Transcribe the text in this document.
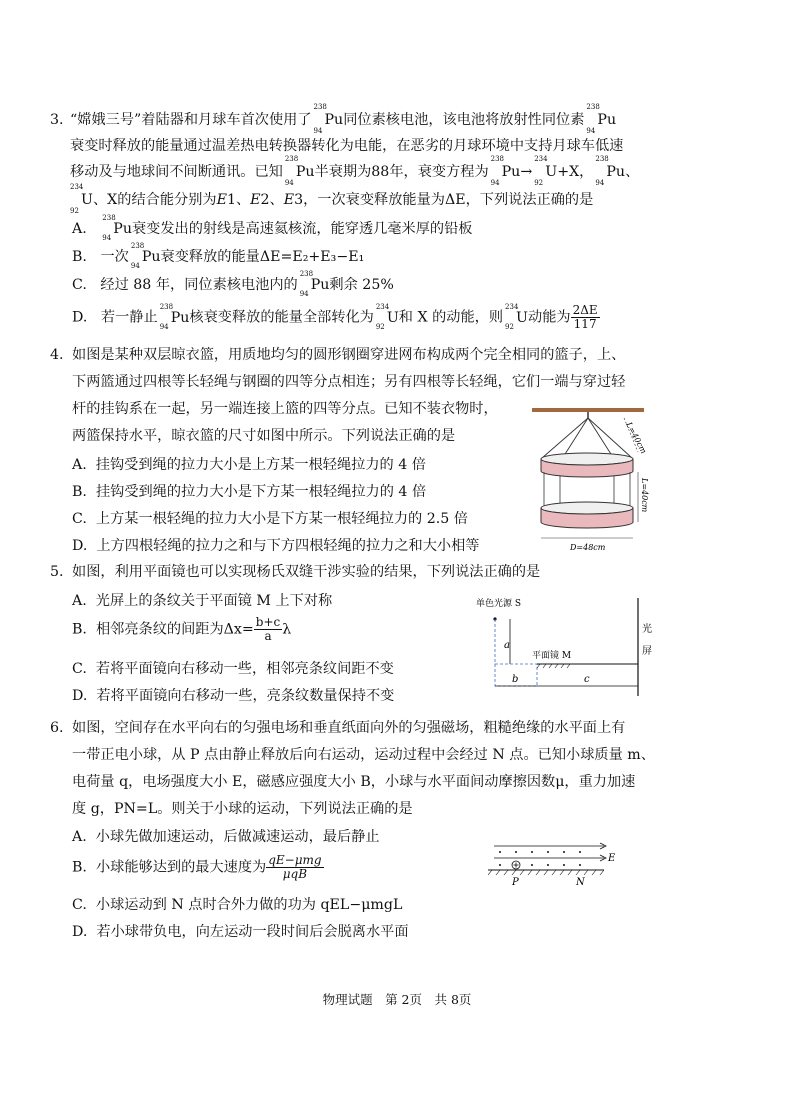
3. “嫦娥三号”着陆器和月球车首次使用了
238
94
Pu同位素核电池，该电池将放射性同位素
238
94
Pu
衰变时释放的能量通过温差热电转换器转化为电能，在恶劣的月球环境中支持月球车低速
移动及与地球间不间断通讯。已知
238
94
Pu半衰期为88年，衰变方程为
238
94
Pu→
234
92
U+X，
238
94
Pu、
234
92
U、X的结合能分别为E1、E2、E3，一次衰变释放能量为ΔE，下列说法正确的是
A.
238
94
Pu衰变发出的射线是高速氦核流，能穿透几毫米厚的铅板
B. 一次
238
94
Pu衰变释放的能量ΔE=E₂+E₃−E₁
C. 经过 88 年，同位素核电池内的
238
94
Pu剩余 25%
D. 若一静止
238
94
Pu核衰变释放的能量全部转化为
234
92
U和 X 的动能，则
234
92
U动能为 $\frac{2\Delta E}{117}$
4. 如图是某种双层晾衣篮，用质地均匀的圆形钢圈穿进网布构成两个完全相同的篮子，上、
下两篮通过四根等长轻绳与钢圈的四等分点相连；另有四根等长轻绳，它们一端与穿过轻
杆的挂钩系在一起，另一端连接上篮的四等分点。已知不装衣物时，
两篮保持水平，晾衣篮的尺寸如图中所示。下列说法正确的是
A. 挂钩受到绳的拉力大小是上方某一根轻绳拉力的 4 倍
B. 挂钩受到绳的拉力大小是下方某一根轻绳拉力的 4 倍
C. 上方某一根轻绳的拉力大小是下方某一根轻绳拉力的 2.5 倍
D. 上方四根轻绳的拉力之和与下方四根轻绳的拉力之和大小相等
L=40cm
L=40cm
D=48cm
5. 如图，利用平面镜也可以实现杨氏双缝干涉实验的结果，下列说法正确的是
A. 光屏上的条纹关于平面镜 M 上下对称
B. 相邻亮条纹的间距为$\Delta x= \frac{b+c}{a}$ λ
C. 若将平面镜向右移动一些，相邻亮条纹间距不变
D. 若将平面镜向右移动一些，亮条纹数量保持不变
单色光源 S
a
平面镜 M
b	c
光
屏
6. 如图，空间存在水平向右的匀强电场和垂直纸面向外的匀强磁场，粗糙绝缘的水平面上有
一带正电小球，从 P 点由静止释放后向右运动，运动过程中会经过 N 点。已知小球质量 m、
电荷量 q，电场强度大小 E，磁感应强度大小 B，小球与水平面间动摩擦因数μ，重力加速
度 g，PN=L。则关于小球的运动，下列说法正确的是
A. 小球先做加速运动，后做减速运动，最后静止
B. 小球能够达到的最大速度为 $\frac{\text{qE−μmg}}{\text{μqB}}$
C. 小球运动到 N 点时合外力做的功为 qEL−μmgL
D. 若小球带负电，向左运动一段时间后会脱离水平面
E
P	N
物理试题　第 2页　共 8页
